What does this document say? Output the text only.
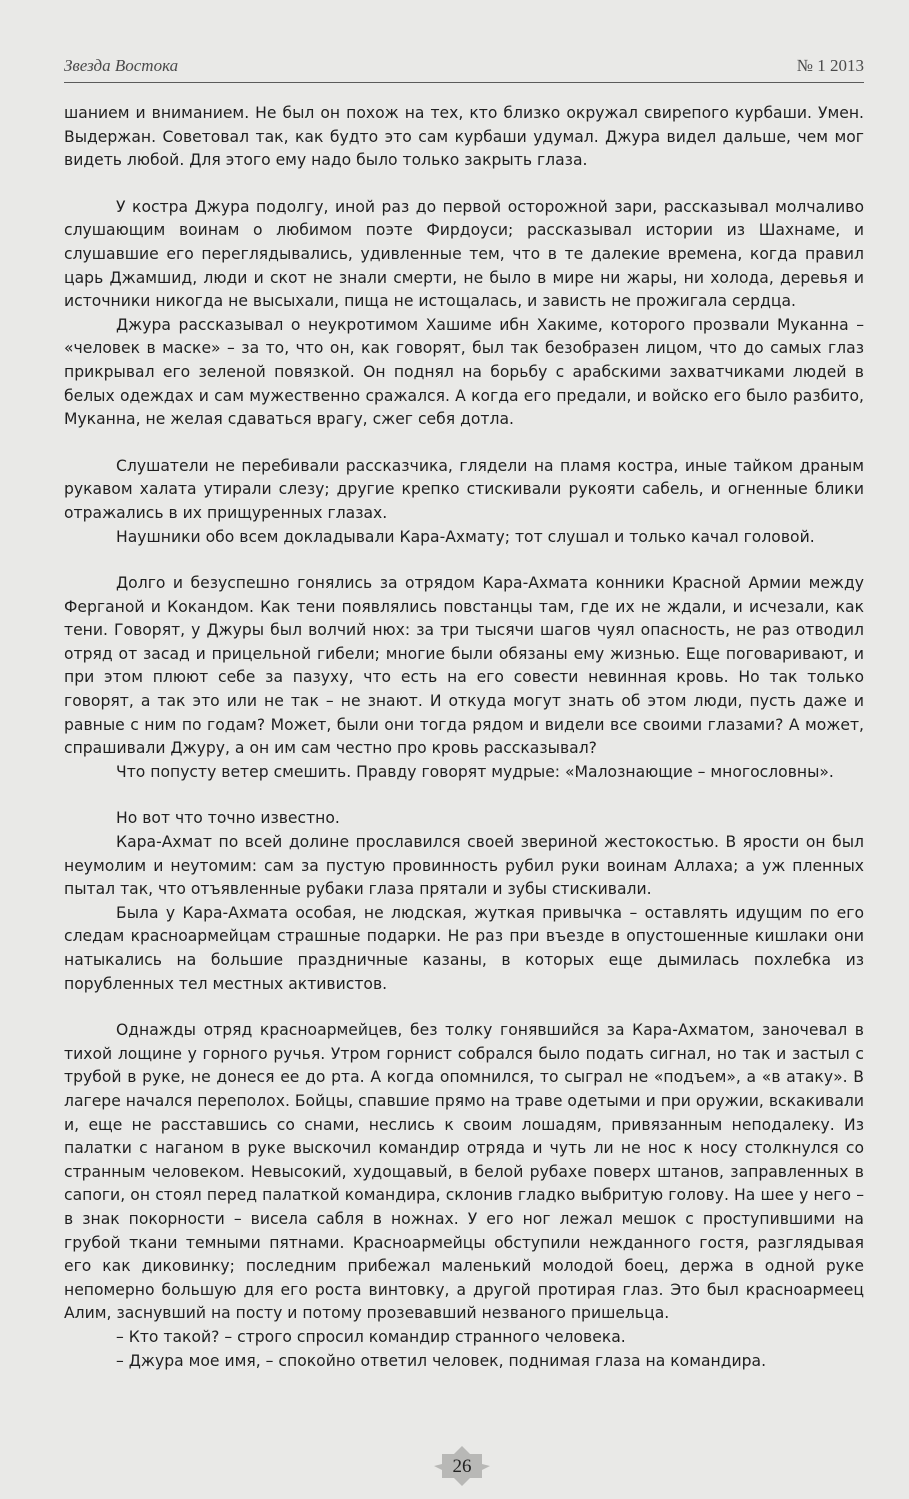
Звезда Востока	№ 1 2013

шанием и вниманием. Не был он похож на тех, кто близко окружал свирепого курбаши. Умен. Выдержан. Советовал так, как будто это сам курбаши удумал. Джура видел дальше, чем мог видеть любой. Для этого ему надо было только закрыть глаза.

У костра Джура подолгу, иной раз до первой осторожной зари, рассказывал молчаливо слушающим воинам о любимом поэте Фирдоуси; рассказывал истории из Шахнаме, и слушавшие его переглядывались, удивленные тем, что в те далекие времена, когда правил царь Джамшид, люди и скот не знали смерти, не было в мире ни жары, ни холода, деревья и источники никогда не высыхали, пища не истощалась, и зависть не прожигала сердца.

Джура рассказывал о неукротимом Хашиме ибн Хакиме, которого прозвали Муканна – «человек в маске» – за то, что он, как говорят, был так безобразен лицом, что до самых глаз прикрывал его зеленой повязкой. Он поднял на борьбу с арабскими захватчиками людей в белых одеждах и сам мужественно сражался. А когда его предали, и войско его было разбито, Муканна, не желая сдаваться врагу, сжег себя дотла.

Слушатели не перебивали рассказчика, глядели на пламя костра, иные тайком драным рукавом халата утирали слезу; другие крепко стискивали рукояти сабель, и огненные блики отражались в их прищуренных глазах.

Наушники обо всем докладывали Кара-Ахмату; тот слушал и только качал головой.

Долго и безуспешно гонялись за отрядом Кара-Ахмата конники Красной Армии между Ферганой и Кокандом. Как тени появлялись повстанцы там, где их не ждали, и исчезали, как тени. Говорят, у Джуры был волчий нюх: за три тысячи шагов чуял опасность, не раз отводил отряд от засад и прицельной гибели; многие были обязаны ему жизнью. Еще поговаривают, и при этом плюют себе за пазуху, что есть на его совести невинная кровь. Но так только говорят, а так это или не так – не знают. И откуда могут знать об этом люди, пусть даже и равные с ним по годам? Может, были они тогда рядом и видели все своими глазами? А может, спрашивали Джуру, а он им сам честно про кровь рассказывал?

Что попусту ветер смешить. Правду говорят мудрые: «Малознающие – многословны».

Но вот что точно известно.

Кара-Ахмат по всей долине прославился своей звериной жестокостью. В ярости он был неумолим и неутомим: сам за пустую провинность рубил руки воинам Аллаха; а уж пленных пытал так, что отъявленные рубаки глаза прятали и зубы стискивали.

Была у Кара-Ахмата особая, не людская, жуткая привычка – оставлять идущим по его следам красноармейцам страшные подарки. Не раз при въезде в опустошенные кишлаки они натыкались на большие праздничные казаны, в которых еще дымилась похлебка из порубленных тел местных активистов.

Однажды отряд красноармейцев, без толку гонявшийся за Кара-Ахматом, заночевал в тихой лощине у горного ручья. Утром горнист собрался было подать сигнал, но так и застыл с трубой в руке, не донеся ее до рта. А когда опомнился, то сыграл не «подъем», а «в атаку». В лагере начался переполох. Бойцы, спавшие прямо на траве одетыми и при оружии, вскакивали и, еще не расставшись со снами, неслись к своим лошадям, привязанным неподалеку. Из палатки с наганом в руке выскочил командир отряда и чуть ли не нос к носу столкнулся со странным человеком. Невысокий, худощавый, в белой рубахе поверх штанов, заправленных в сапоги, он стоял перед палаткой командира, склонив гладко выбритую голову. На шее у него – в знак покорности – висела сабля в ножнах. У его ног лежал мешок с проступившими на грубой ткани темными пятнами. Красноармейцы обступили нежданного гостя, разглядывая его как диковинку; последним прибежал маленький молодой боец, держа в одной руке непомерно большую для его роста винтовку, а другой протирая глаз. Это был красноармеец Алим, заснувший на посту и потому прозевавший незваного пришельца.

– Кто такой? – строго спросил командир странного человека.

– Джура мое имя, – спокойно ответил человек, поднимая глаза на командира.

26
